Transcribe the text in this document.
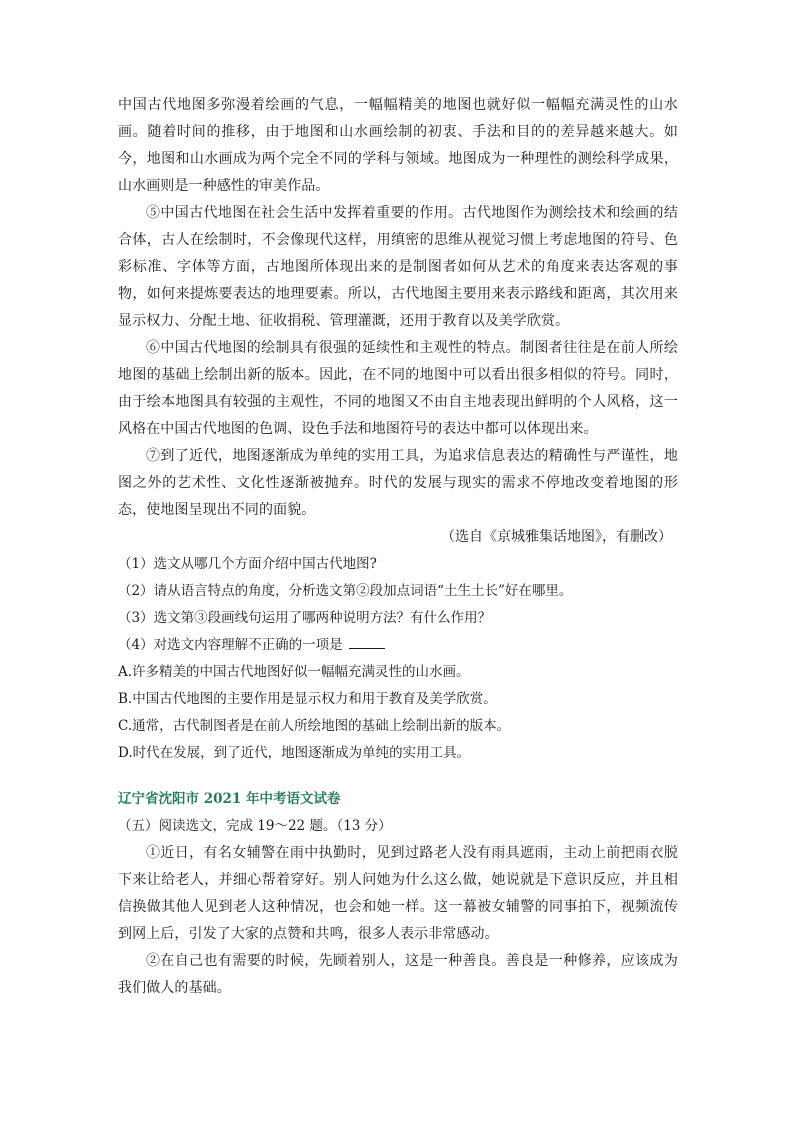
中国古代地图多弥漫着绘画的气息，一幅幅精美的地图也就好似一幅幅充满灵性的山水画。随着时间的推移，由于地图和山水画绘制的初衷、手法和目的的差异越来越大。如今，地图和山水画成为两个完全不同的学科与领域。地图成为一种理性的测绘科学成果，山水画则是一种感性的审美作品。

⑤中国古代地图在社会生活中发挥着重要的作用。古代地图作为测绘技术和绘画的结合体，古人在绘制时，不会像现代这样，用缜密的思维从视觉习惯上考虑地图的符号、色彩标准、字体等方面，古地图所体现出来的是制图者如何从艺术的角度来表达客观的事物，如何来提炼要表达的地理要素。所以，古代地图主要用来表示路线和距离，其次用来显示权力、分配土地、征收捐税、管理灌溉，还用于教育以及美学欣赏。

⑥中国古代地图的绘制具有很强的延续性和主观性的特点。制图者往往是在前人所绘地图的基础上绘制出新的版本。因此，在不同的地图中可以看出很多相似的符号。同时，由于绘本地图具有较强的主观性，不同的地图又不由自主地表现出鲜明的个人风格，这一风格在中国古代地图的色调、设色手法和地图符号的表达中都可以体现出来。

⑦到了近代，地图逐渐成为单纯的实用工具，为追求信息表达的精确性与严谨性，地图之外的艺术性、文化性逐渐被抛弃。时代的发展与现实的需求不停地改变着地图的形态，使地图呈现出不同的面貌。

（选自《京城雅集话地图》，有删改）

（1）选文从哪几个方面介绍中国古代地图?

（2）请从语言特点的角度，分析选文第②段加点词语“土生土长”好在哪里。

（3）选文第③段画线句运用了哪两种说明方法？有什么作用？

（4）对选文内容理解不正确的一项是

A.许多精美的中国古代地图好似一幅幅充满灵性的山水画。

B.中国古代地图的主要作用是显示权力和用于教育及美学欣赏。

C.通常，古代制图者是在前人所绘地图的基础上绘制出新的版本。

D.时代在发展，到了近代，地图逐渐成为单纯的实用工具。

辽宁省沈阳市 2021 年中考语文试卷

（五）阅读选文，完成 19～22 题。（13 分）

①近日，有名女辅警在雨中执勤时，见到过路老人没有雨具遮雨，主动上前把雨衣脱下来让给老人，并细心帮着穿好。别人问她为什么这么做，她说就是下意识反应，并且相信换做其他人见到老人这种情况，也会和她一样。这一幕被女辅警的同事拍下，视频流传到网上后，引发了大家的点赞和共鸣，很多人表示非常感动。

②在自己也有需要的时候，先顾着别人，这是一种善良。善良是一种修养，应该成为我们做人的基础。
